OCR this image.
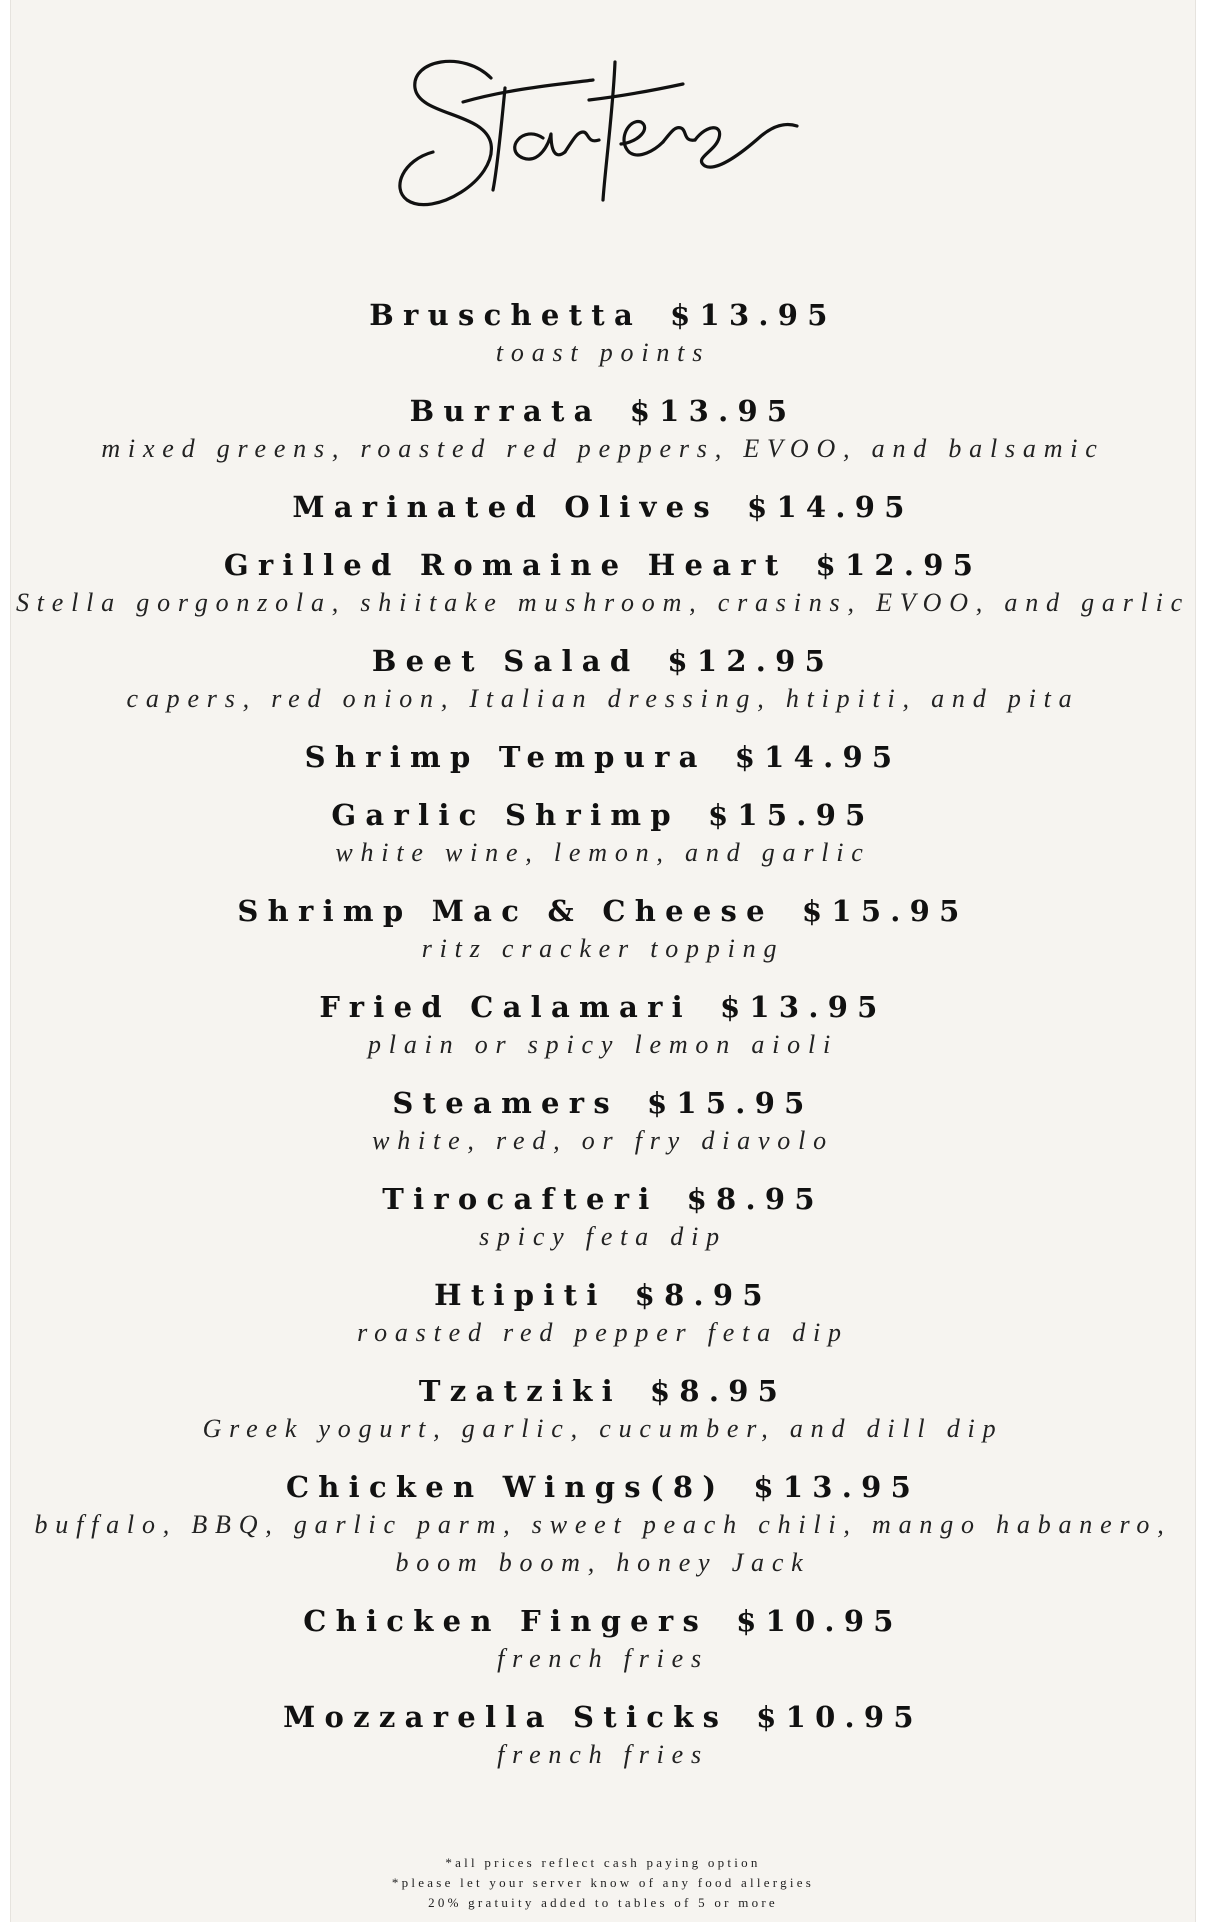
Bruschetta $13.95
toast points
Burrata $13.95
mixed greens, roasted red peppers, EVOO, and balsamic
Marinated Olives $14.95
Grilled Romaine Heart $12.95
Stella gorgonzola, shiitake mushroom, crasins, EVOO, and garlic
Beet Salad $12.95
capers, red onion, Italian dressing, htipiti, and pita
Shrimp Tempura $14.95
Garlic Shrimp $15.95
white wine, lemon, and garlic
Shrimp Mac & Cheese $15.95
ritz cracker topping
Fried Calamari $13.95
plain or spicy lemon aioli
Steamers $15.95
white, red, or fry diavolo
Tirocafteri $8.95
spicy feta dip
Htipiti $8.95
roasted red pepper feta dip
Tzatziki $8.95
Greek yogurt, garlic, cucumber, and dill dip
Chicken Wings(8) $13.95
buffalo, BBQ, garlic parm, sweet peach chili, mango habanero,
boom boom, honey Jack
Chicken Fingers $10.95
french fries
Mozzarella Sticks $10.95
french fries
*all prices reflect cash paying option
*please let your server know of any food allergies
20% gratuity added to tables of 5 or more
